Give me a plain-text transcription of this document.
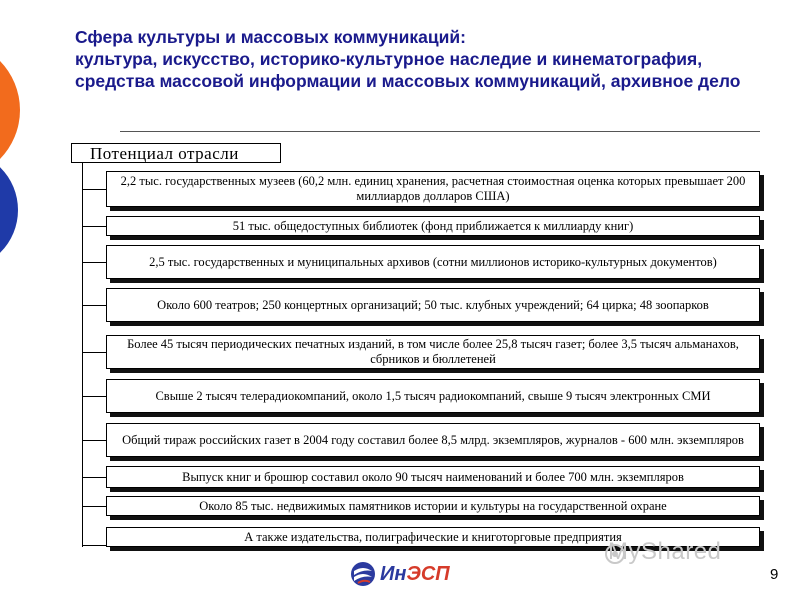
Сфера культуры и массовых коммуникаций:
культура, искусство, историко-культурное наследие и кинематография, средства массовой информации и массовых коммуникаций, архивное дело
Потенциал отрасли
2,2 тыс. государственных музеев (60,2 млн. единиц хранения, расчетная стоимостная оценка которых превышает 200 миллиардов долларов США)
51 тыс. общедоступных библиотек (фонд приближается к миллиарду книг)
2,5 тыс. государственных и муниципальных архивов (сотни миллионов историко-культурных документов)
Около 600 театров; 250 концертных организаций; 50 тыс. клубных учреждений; 64 цирка; 48 зоопарков
Более 45 тысяч периодических печатных изданий, в том числе более 25,8 тысяч газет; более 3,5 тысяч альманахов, сбрников и бюллетеней
Свыше 2 тысяч телерадиокомпаний, около 1,5 тысяч радиокомпаний, свыше 9 тысяч электронных СМИ
Общий тираж российских газет в 2004 году составил более 8,5 млрд. экземпляров, журналов - 600 млн. экземпляров
Выпуск книг и брошюр составил около 90 тысяч наименований и более 700 млн. экземпляров
Около 85 тыс. недвижимых памятников истории и культуры на государственной охране
А также издательства, полиграфические и книготорговые предприятия
MyShared
ИнЭСП	9
